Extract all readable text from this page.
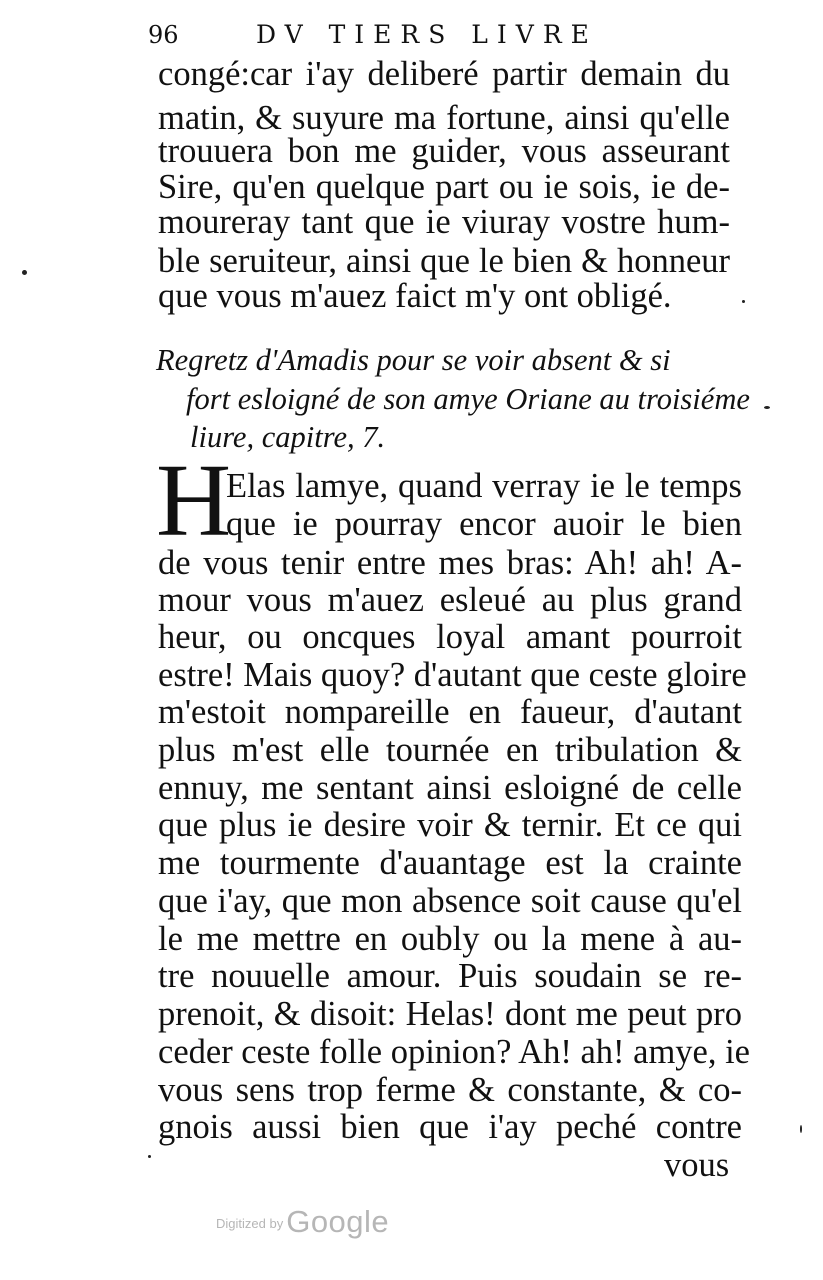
96	DV TIERS LIVRE
congé:car i'ay deliberé partir demain du
matin, & suyure ma fortune, ainsi qu'elle
trouuera bon me guider, vous asseurant
Sire, qu'en quelque part ou ie sois, ie de-
moureray tant que ie viuray vostre hum-
ble seruiteur, ainsi que le bien & honneur
que vous m'auez faict m'y ont obligé.
Regretz d'Amadis pour se voir absent & si
fort esloigné de son amye Oriane au troisiéme
liure, capitre, 7.
H
Elas lamye, quand verray ie le temps
que ie pourray encor auoir le bien
de vous tenir entre mes bras: Ah! ah! A-
mour vous m'auez esleué au plus grand
heur, ou oncques loyal amant pourroit
estre! Mais quoy? d'autant que ceste gloire
m'estoit nompareille en faueur, d'autant
plus m'est elle tournée en tribulation &
ennuy, me sentant ainsi esloigné de celle
que plus ie desire voir & ternir. Et ce qui
me tourmente d'auantage est la crainte
que i'ay, que mon absence soit cause qu'el
le me mettre en oubly ou la mene à au-
tre nouuelle amour. Puis soudain se re-
prenoit, & disoit: Helas! dont me peut pro
ceder ceste folle opinion? Ah! ah! amye, ie
vous sens trop ferme & constante, & co-
gnois aussi bien que i'ay peché contre
vous
$^{Digitized by}$Google
